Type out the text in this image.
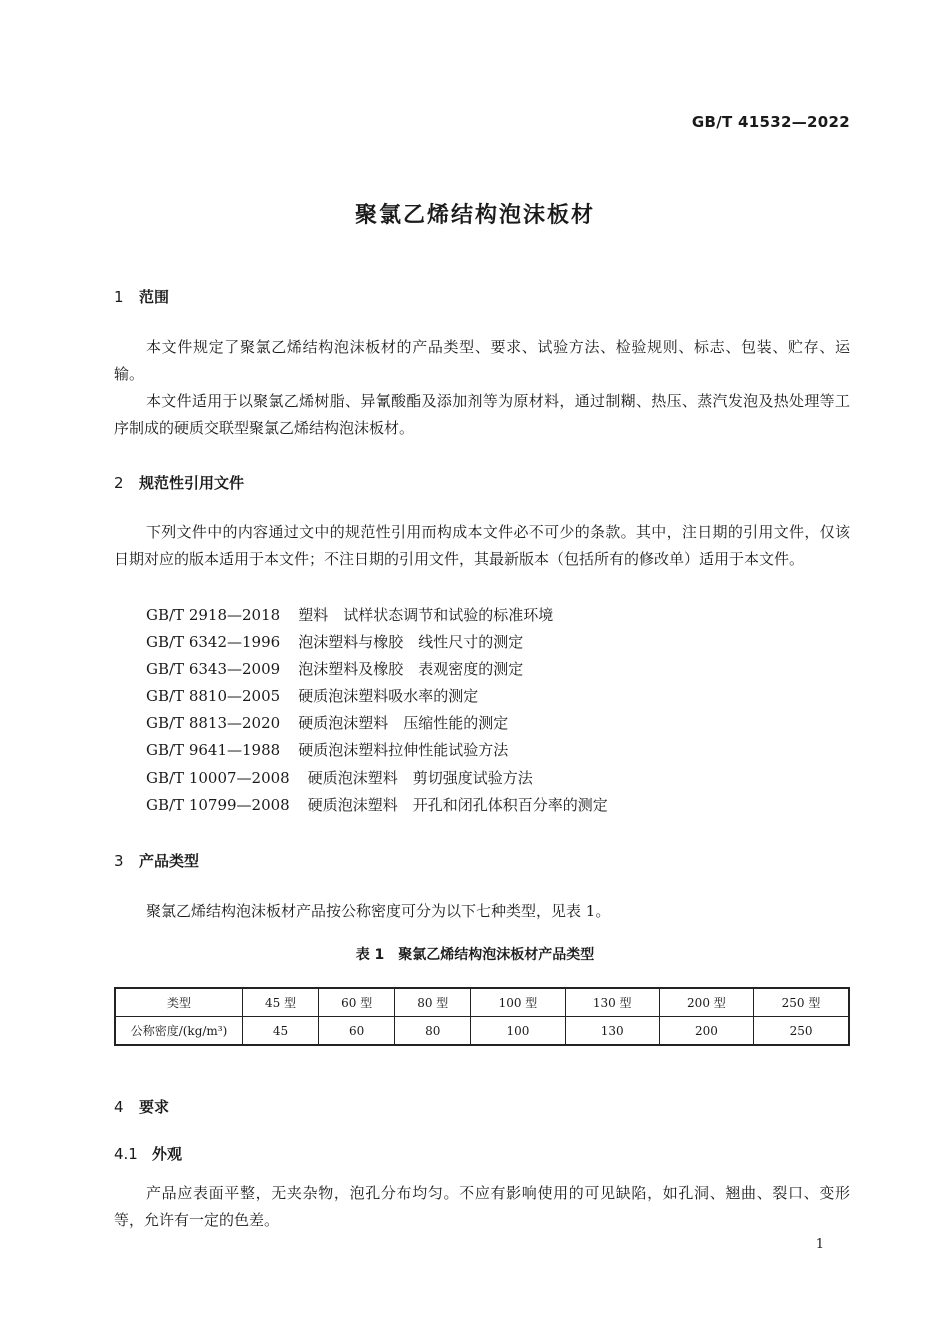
GB/T 41532—2022
聚氯乙烯结构泡沫板材
1 范围
本文件规定了聚氯乙烯结构泡沫板材的产品类型、要求、试验方法、检验规则、标志、包装、贮存、运输。
本文件适用于以聚氯乙烯树脂、异氰酸酯及添加剂等为原材料，通过制糊、热压、蒸汽发泡及热处理等工序制成的硬质交联型聚氯乙烯结构泡沫板材。
2 规范性引用文件
下列文件中的内容通过文中的规范性引用而构成本文件必不可少的条款。其中，注日期的引用文件，仅该日期对应的版本适用于本文件；不注日期的引用文件，其最新版本（包括所有的修改单）适用于本文件。
GB/T 2918—2018 塑料　试样状态调节和试验的标准环境
GB/T 6342—1996 泡沫塑料与橡胶　线性尺寸的测定
GB/T 6343—2009 泡沫塑料及橡胶　表观密度的测定
GB/T 8810—2005 硬质泡沫塑料吸水率的测定
GB/T 8813—2020 硬质泡沫塑料　压缩性能的测定
GB/T 9641—1988 硬质泡沫塑料拉伸性能试验方法
GB/T 10007—2008 硬质泡沫塑料　剪切强度试验方法
GB/T 10799—2008 硬质泡沫塑料　开孔和闭孔体积百分率的测定
3 产品类型
聚氯乙烯结构泡沫板材产品按公称密度可分为以下七种类型，见表 1。
表 1　聚氯乙烯结构泡沫板材产品类型
类型	45 型	60 型	80 型	100 型	130 型	200 型	250 型
公称密度/(kg/m³)	45	60	80	100	130	200	250
4 要求
4.1 外观
产品应表面平整，无夹杂物，泡孔分布均匀。不应有影响使用的可见缺陷，如孔洞、翘曲、裂口、变形等，允许有一定的色差。
1
